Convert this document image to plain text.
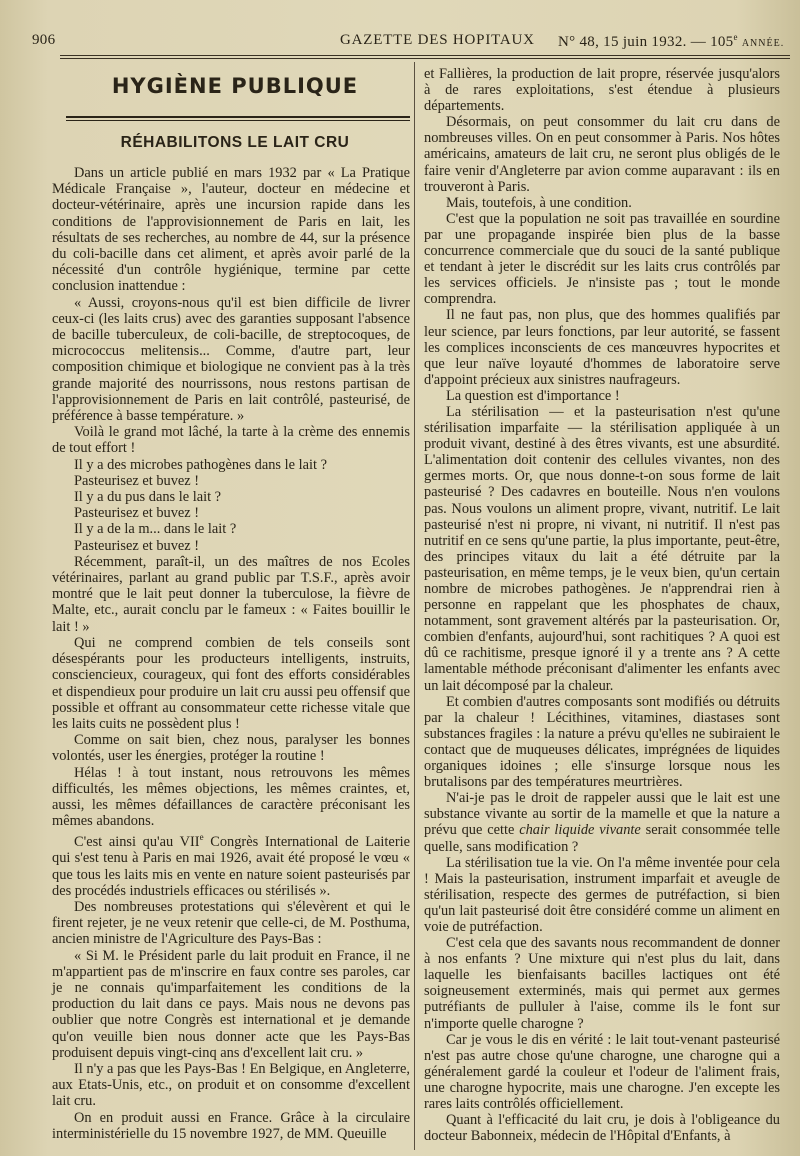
906	GAZETTE DES HOPITAUX N° 48, 15 juin 1932. — 105e ANNÉE.
HYGIÈNE PUBLIQUE
RÉHABILITONS LE LAIT CRU

Dans un article publié en mars 1932 par « La Pratique Médicale Française », l'auteur, docteur en médecine et docteur-vétérinaire, après une incursion rapide dans les conditions de l'approvisionnement de Paris en lait, les résultats de ses recherches, au nombre de 44, sur la présence du coli-bacille dans cet aliment, et après avoir parlé de la nécessité d'un contrôle hygiénique, termine par cette conclusion inattendue :

« Aussi, croyons-nous qu'il est bien difficile de livrer ceux-ci (les laits crus) avec des garanties supposant l'absence de bacille tuberculeux, de coli-bacille, de streptocoques, de micrococcus melitensis... Comme, d'autre part, leur composition chimique et biologique ne convient pas à la très grande majorité des nourrissons, nous restons partisan de l'approvisionnement de Paris en lait contrôlé, pasteurisé, de préférence à basse température. »

Voilà le grand mot lâché, la tarte à la crème des ennemis de tout effort !

Il y a des microbes pathogènes dans le lait ?

Pasteurisez et buvez !

Il y a du pus dans le lait ?

Pasteurisez et buvez !

Il y a de la m... dans le lait ?

Pasteurisez et buvez !

Récemment, paraît-il, un des maîtres de nos Ecoles vétérinaires, parlant au grand public par T.S.F., après avoir montré que le lait peut donner la tuberculose, la fièvre de Malte, etc., aurait conclu par le fameux : « Faites bouillir le lait ! »

Qui ne comprend combien de tels conseils sont désespérants pour les producteurs intelligents, instruits, consciencieux, courageux, qui font des efforts considérables et dispendieux pour produire un lait cru aussi peu offensif que possible et offrant au consommateur cette richesse vitale que les laits cuits ne possèdent plus !

Comme on sait bien, chez nous, paralyser les bonnes volontés, user les énergies, protéger la routine !

Hélas ! à tout instant, nous retrouvons les mêmes difficultés, les mêmes objections, les mêmes craintes, et, aussi, les mêmes défaillances de caractère préconisant les mêmes abandons.

C'est ainsi qu'au VIIe Congrès International de Laiterie qui s'est tenu à Paris en mai 1926, avait été proposé le vœu « que tous les laits mis en vente en nature soient pasteurisés par des procédés industriels efficaces ou stérilisés ».

Des nombreuses protestations qui s'élevèrent et qui le firent rejeter, je ne veux retenir que celle-ci, de M. Posthuma, ancien ministre de l'Agriculture des Pays-Bas :

« Si M. le Président parle du lait produit en France, il ne m'appartient pas de m'inscrire en faux contre ses paroles, car je ne connais qu'imparfaitement les conditions de la production du lait dans ce pays. Mais nous ne devons pas oublier que notre Congrès est international et je demande qu'on veuille bien nous donner acte que les Pays-Bas produisent depuis vingt-cinq ans d'excellent lait cru. »

Il n'y a pas que les Pays-Bas ! En Belgique, en Angleterre, aux Etats-Unis, etc., on produit et on consomme d'excellent lait cru.

On en produit aussi en France. Grâce à la circulaire interministérielle du 15 novembre 1927, de MM. Queuille

et Fallières, la production de lait propre, réservée jusqu'alors à de rares exploitations, s'est étendue à plusieurs départements.

Désormais, on peut consommer du lait cru dans de nombreuses villes. On en peut consommer à Paris. Nos hôtes américains, amateurs de lait cru, ne seront plus obligés de le faire venir d'Angleterre par avion comme auparavant : ils en trouveront à Paris.

Mais, toutefois, à une condition.

C'est que la population ne soit pas travaillée en sourdine par une propagande inspirée bien plus de la basse concurrence commerciale que du souci de la santé publique et tendant à jeter le discrédit sur les laits crus contrôlés par les services officiels. Je n'insiste pas ; tout le monde comprendra.

Il ne faut pas, non plus, que des hommes qualifiés par leur science, par leurs fonctions, par leur autorité, se fassent les complices inconscients de ces manœuvres hypocrites et que leur naïve loyauté d'hommes de laboratoire serve d'appoint précieux aux sinistres naufrageurs.

La question est d'importance !

La stérilisation — et la pasteurisation n'est qu'une stérilisation imparfaite — la stérilisation appliquée à un produit vivant, destiné à des êtres vivants, est une absurdité. L'alimentation doit contenir des cellules vivantes, non des germes morts. Or, que nous donne-t-on sous forme de lait pasteurisé ? Des cadavres en bouteille. Nous n'en voulons pas. Nous voulons un aliment propre, vivant, nutritif. Le lait pasteurisé n'est ni propre, ni vivant, ni nutritif. Il n'est pas nutritif en ce sens qu'une partie, la plus importante, peut-être, des principes vitaux du lait a été détruite par la pasteurisation, en même temps, je le veux bien, qu'un certain nombre de microbes pathogènes. Je n'apprendrai rien à personne en rappelant que les phosphates de chaux, notamment, sont gravement altérés par la pasteurisation. Or, combien d'enfants, aujourd'hui, sont rachitiques ? A quoi est dû ce rachitisme, presque ignoré il y a trente ans ? A cette lamentable méthode préconisant d'alimenter les enfants avec un lait décomposé par la chaleur.

Et combien d'autres composants sont modifiés ou détruits par la chaleur ! Lécithines, vitamines, diastases sont substances fragiles : la nature a prévu qu'elles ne subiraient le contact que de muqueuses délicates, imprégnées de liquides organiques idoines ; elle s'insurge lorsque nous les brutalisons par des températures meurtrières.

N'ai-je pas le droit de rappeler aussi que le lait est une substance vivante au sortir de la mamelle et que la nature a prévu que cette chair liquide vivante serait consommée telle quelle, sans modification ?

La stérilisation tue la vie. On l'a même inventée pour cela ! Mais la pasteurisation, instrument imparfait et aveugle de stérilisation, respecte des germes de putréfaction, si bien qu'un lait pasteurisé doit être considéré comme un aliment en voie de putréfaction.

C'est cela que des savants nous recommandent de donner à nos enfants ? Une mixture qui n'est plus du lait, dans laquelle les bienfaisants bacilles lactiques ont été soigneusement exterminés, mais qui permet aux germes putréfiants de pulluler à l'aise, comme ils le font sur n'importe quelle charogne ?

Car je vous le dis en vérité : le lait tout-venant pasteurisé n'est pas autre chose qu'une charogne, une charogne qui a généralement gardé la couleur et l'odeur de l'aliment frais, une charogne hypocrite, mais une charogne. J'en excepte les rares laits contrôlés officiellement.

Quant à l'efficacité du lait cru, je dois à l'obligeance du docteur Babonneix, médecin de l'Hôpital d'Enfants, à
